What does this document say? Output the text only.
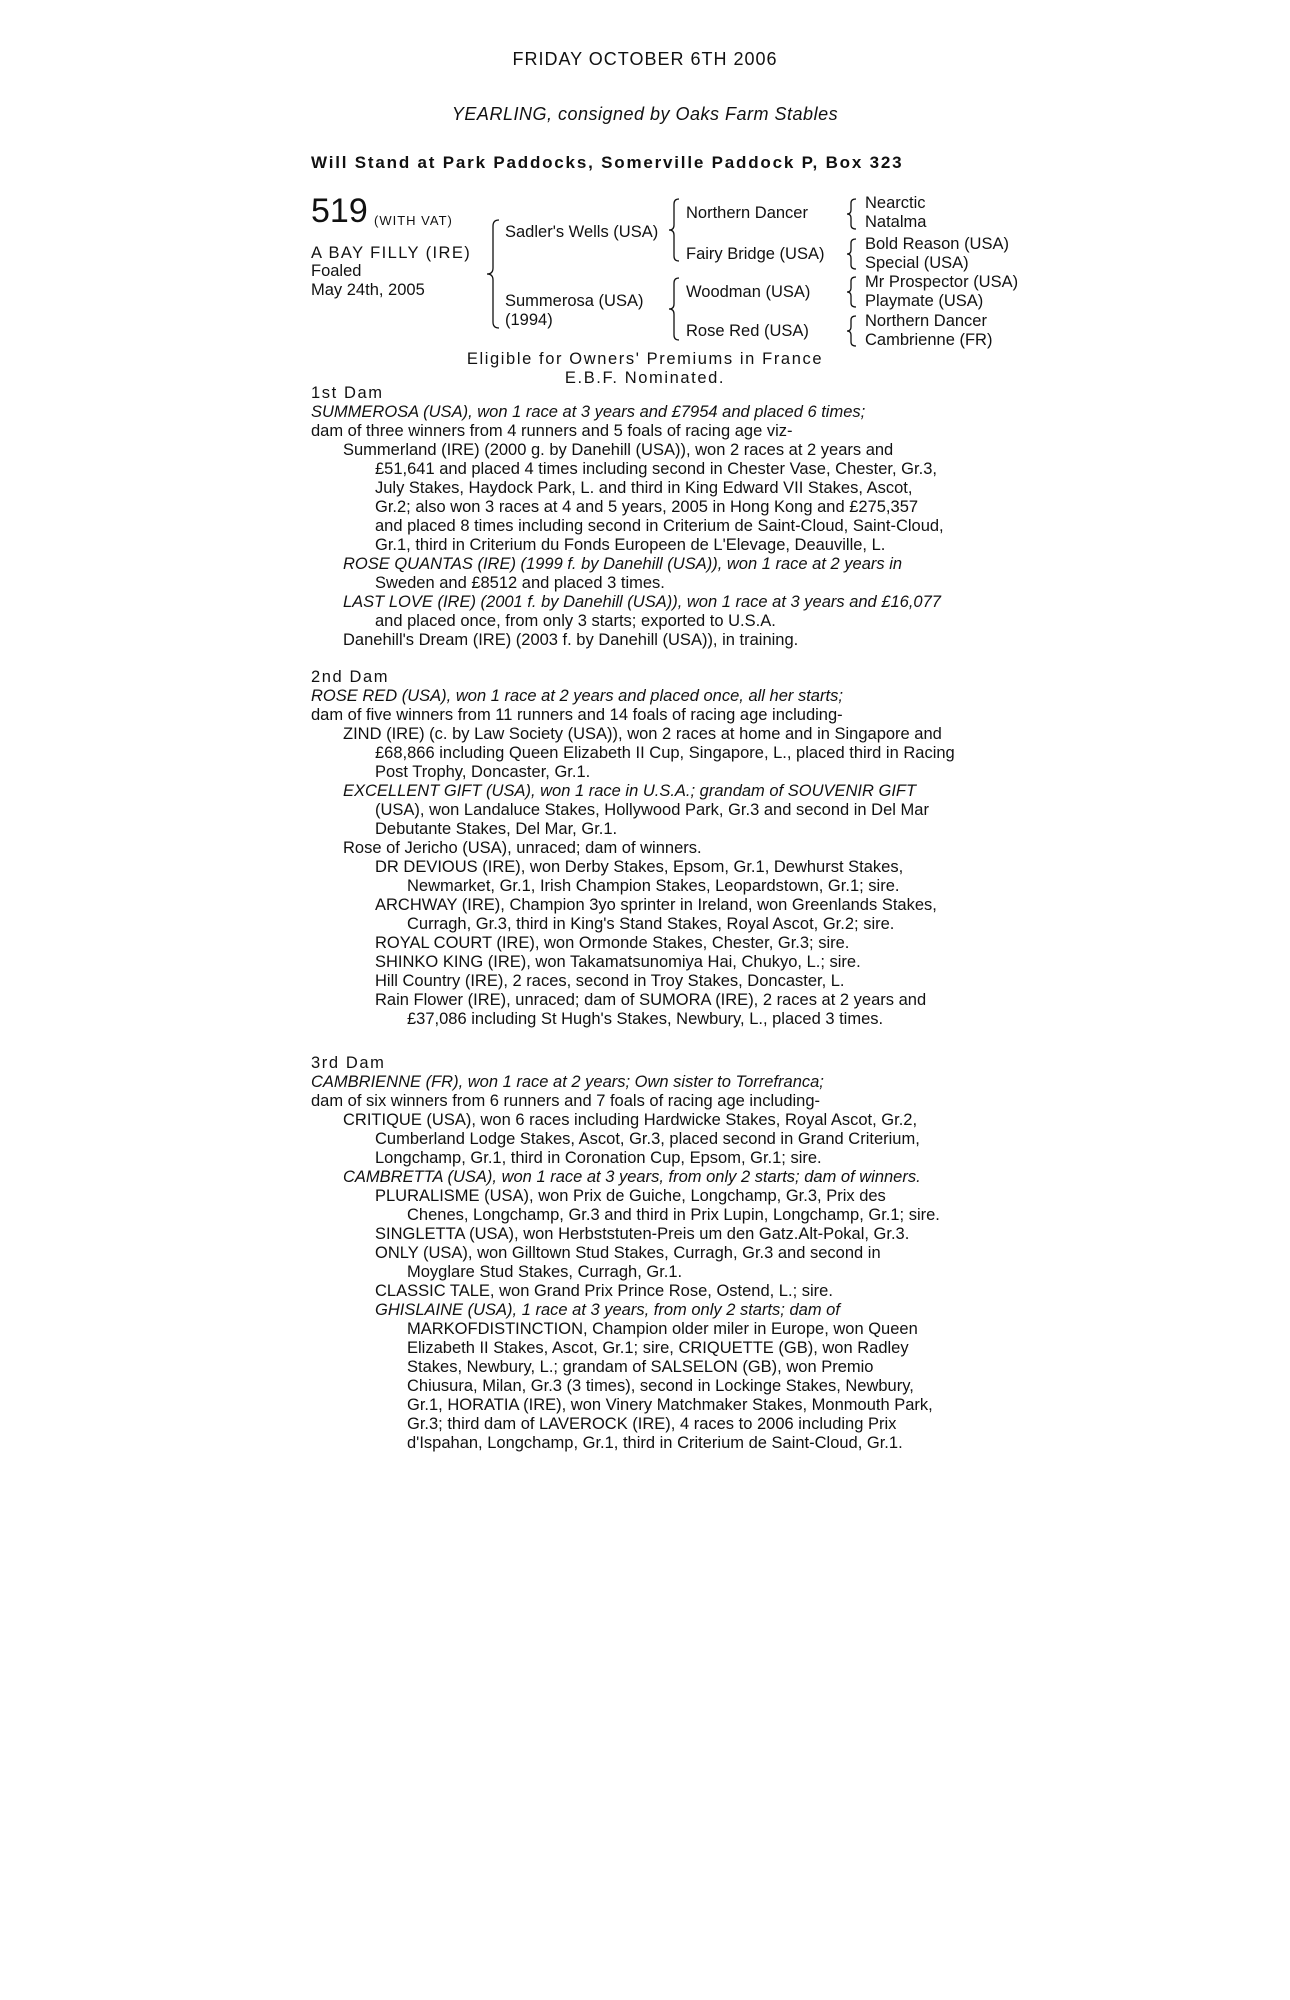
FRIDAY OCTOBER 6TH 2006
YEARLING, consigned by Oaks Farm Stables
Will Stand at Park Paddocks, Somerville Paddock P, Box 323
519 (WITH VAT)
A BAY FILLY (IRE)
Foaled
May 24th, 2005
Sadler's Wells (USA)
Summerosa (USA)
(1994)
Northern Dancer
Fairy Bridge (USA)
Woodman (USA)
Rose Red (USA)
Nearctic
Natalma
Bold Reason (USA)
Special (USA)
Mr Prospector (USA)
Playmate (USA)
Northern Dancer
Cambrienne (FR)
Eligible for Owners' Premiums in France
E.B.F. Nominated.
1st Dam
SUMMEROSA (USA), won 1 race at 3 years and £7954 and placed 6 times;
dam of three winners from 4 runners and 5 foals of racing age viz-
Summerland (IRE) (2000 g. by Danehill (USA)), won 2 races at 2 years and
£51,641 and placed 4 times including second in Chester Vase, Chester, Gr.3,
July Stakes, Haydock Park, L. and third in King Edward VII Stakes, Ascot,
Gr.2; also won 3 races at 4 and 5 years, 2005 in Hong Kong and £275,357
and placed 8 times including second in Criterium de Saint-Cloud, Saint-Cloud,
Gr.1, third in Criterium du Fonds Europeen de L'Elevage, Deauville, L.
ROSE QUANTAS (IRE) (1999 f. by Danehill (USA)), won 1 race at 2 years in
Sweden and £8512 and placed 3 times.
LAST LOVE (IRE) (2001 f. by Danehill (USA)), won 1 race at 3 years and £16,077
and placed once, from only 3 starts; exported to U.S.A.
Danehill's Dream (IRE) (2003 f. by Danehill (USA)), in training.
2nd Dam
ROSE RED (USA), won 1 race at 2 years and placed once, all her starts;
dam of five winners from 11 runners and 14 foals of racing age including-
ZIND (IRE) (c. by Law Society (USA)), won 2 races at home and in Singapore and
£68,866 including Queen Elizabeth II Cup, Singapore, L., placed third in Racing
Post Trophy, Doncaster, Gr.1.
EXCELLENT GIFT (USA), won 1 race in U.S.A.; grandam of SOUVENIR GIFT
(USA), won Landaluce Stakes, Hollywood Park, Gr.3 and second in Del Mar
Debutante Stakes, Del Mar, Gr.1.
Rose of Jericho (USA), unraced; dam of winners.
DR DEVIOUS (IRE), won Derby Stakes, Epsom, Gr.1, Dewhurst Stakes,
Newmarket, Gr.1, Irish Champion Stakes, Leopardstown, Gr.1; sire.
ARCHWAY (IRE), Champion 3yo sprinter in Ireland, won Greenlands Stakes,
Curragh, Gr.3, third in King's Stand Stakes, Royal Ascot, Gr.2; sire.
ROYAL COURT (IRE), won Ormonde Stakes, Chester, Gr.3; sire.
SHINKO KING (IRE), won Takamatsunomiya Hai, Chukyo, L.; sire.
Hill Country (IRE), 2 races, second in Troy Stakes, Doncaster, L.
Rain Flower (IRE), unraced; dam of SUMORA (IRE), 2 races at 2 years and
£37,086 including St Hugh's Stakes, Newbury, L., placed 3 times.
3rd Dam
CAMBRIENNE (FR), won 1 race at 2 years; Own sister to Torrefranca;
dam of six winners from 6 runners and 7 foals of racing age including-
CRITIQUE (USA), won 6 races including Hardwicke Stakes, Royal Ascot, Gr.2,
Cumberland Lodge Stakes, Ascot, Gr.3, placed second in Grand Criterium,
Longchamp, Gr.1, third in Coronation Cup, Epsom, Gr.1; sire.
CAMBRETTA (USA), won 1 race at 3 years, from only 2 starts; dam of winners.
PLURALISME (USA), won Prix de Guiche, Longchamp, Gr.3, Prix des
Chenes, Longchamp, Gr.3 and third in Prix Lupin, Longchamp, Gr.1; sire.
SINGLETTA (USA), won Herbststuten-Preis um den Gatz.Alt-Pokal, Gr.3.
ONLY (USA), won Gilltown Stud Stakes, Curragh, Gr.3 and second in
Moyglare Stud Stakes, Curragh, Gr.1.
CLASSIC TALE, won Grand Prix Prince Rose, Ostend, L.; sire.
GHISLAINE (USA), 1 race at 3 years, from only 2 starts; dam of
MARKOFDISTINCTION, Champion older miler in Europe, won Queen
Elizabeth II Stakes, Ascot, Gr.1; sire, CRIQUETTE (GB), won Radley
Stakes, Newbury, L.; grandam of SALSELON (GB), won Premio
Chiusura, Milan, Gr.3 (3 times), second in Lockinge Stakes, Newbury,
Gr.1, HORATIA (IRE), won Vinery Matchmaker Stakes, Monmouth Park,
Gr.3; third dam of LAVEROCK (IRE), 4 races to 2006 including Prix
d'Ispahan, Longchamp, Gr.1, third in Criterium de Saint-Cloud, Gr.1.
